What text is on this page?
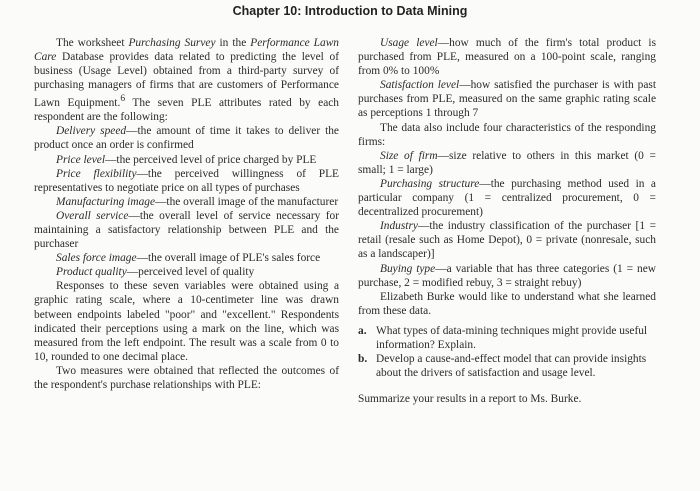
Chapter 10: Introduction to Data Mining

The worksheet Purchasing Survey in the Performance Lawn Care Database provides data related to predicting the level of business (Usage Level) obtained from a third-party survey of purchasing managers of firms that are customers of Performance Lawn Equipment.$^6$ The seven PLE attributes rated by each respondent are the following:

Delivery speed—the amount of time it takes to deliver the product once an order is confirmed

Price level—the perceived level of price charged by PLE

Price flexibility—the perceived willingness of PLE representatives to negotiate price on all types of purchases

Manufacturing image—the overall image of the manufacturer

Overall service—the overall level of service necessary for maintaining a satisfactory relationship between PLE and the purchaser

Sales force image—the overall image of PLE's sales force

Product quality—perceived level of quality

Responses to these seven variables were obtained using a graphic rating scale, where a 10-centimeter line was drawn between endpoints labeled "poor" and "excellent." Respondents indicated their perceptions using a mark on the line, which was measured from the left endpoint. The result was a scale from 0 to 10, rounded to one decimal place.

Two measures were obtained that reflected the outcomes of the respondent's purchase relationships with PLE:

Usage level—how much of the firm's total product is purchased from PLE, measured on a 100-point scale, ranging from 0% to 100%

Satisfaction level—how satisfied the purchaser is with past purchases from PLE, measured on the same graphic rating scale as perceptions 1 through 7

The data also include four characteristics of the responding firms:

Size of firm—size relative to others in this market (0 = small; 1 = large)

Purchasing structure—the purchasing method used in a particular company (1 = centralized procurement, 0 = decentralized procurement)

Industry—the industry classification of the purchaser [1 = retail (resale such as Home Depot), 0 = private (nonresale, such as a landscaper)]

Buying type—a variable that has three categories (1 = new purchase, 2 = modified rebuy, 3 = straight rebuy)

Elizabeth Burke would like to understand what she learned from these data.

a. What types of data-mining techniques might provide useful information? Explain.
b. Develop a cause-and-effect model that can provide insights about the drivers of satisfaction and usage level.

Summarize your results in a report to Ms. Burke.
